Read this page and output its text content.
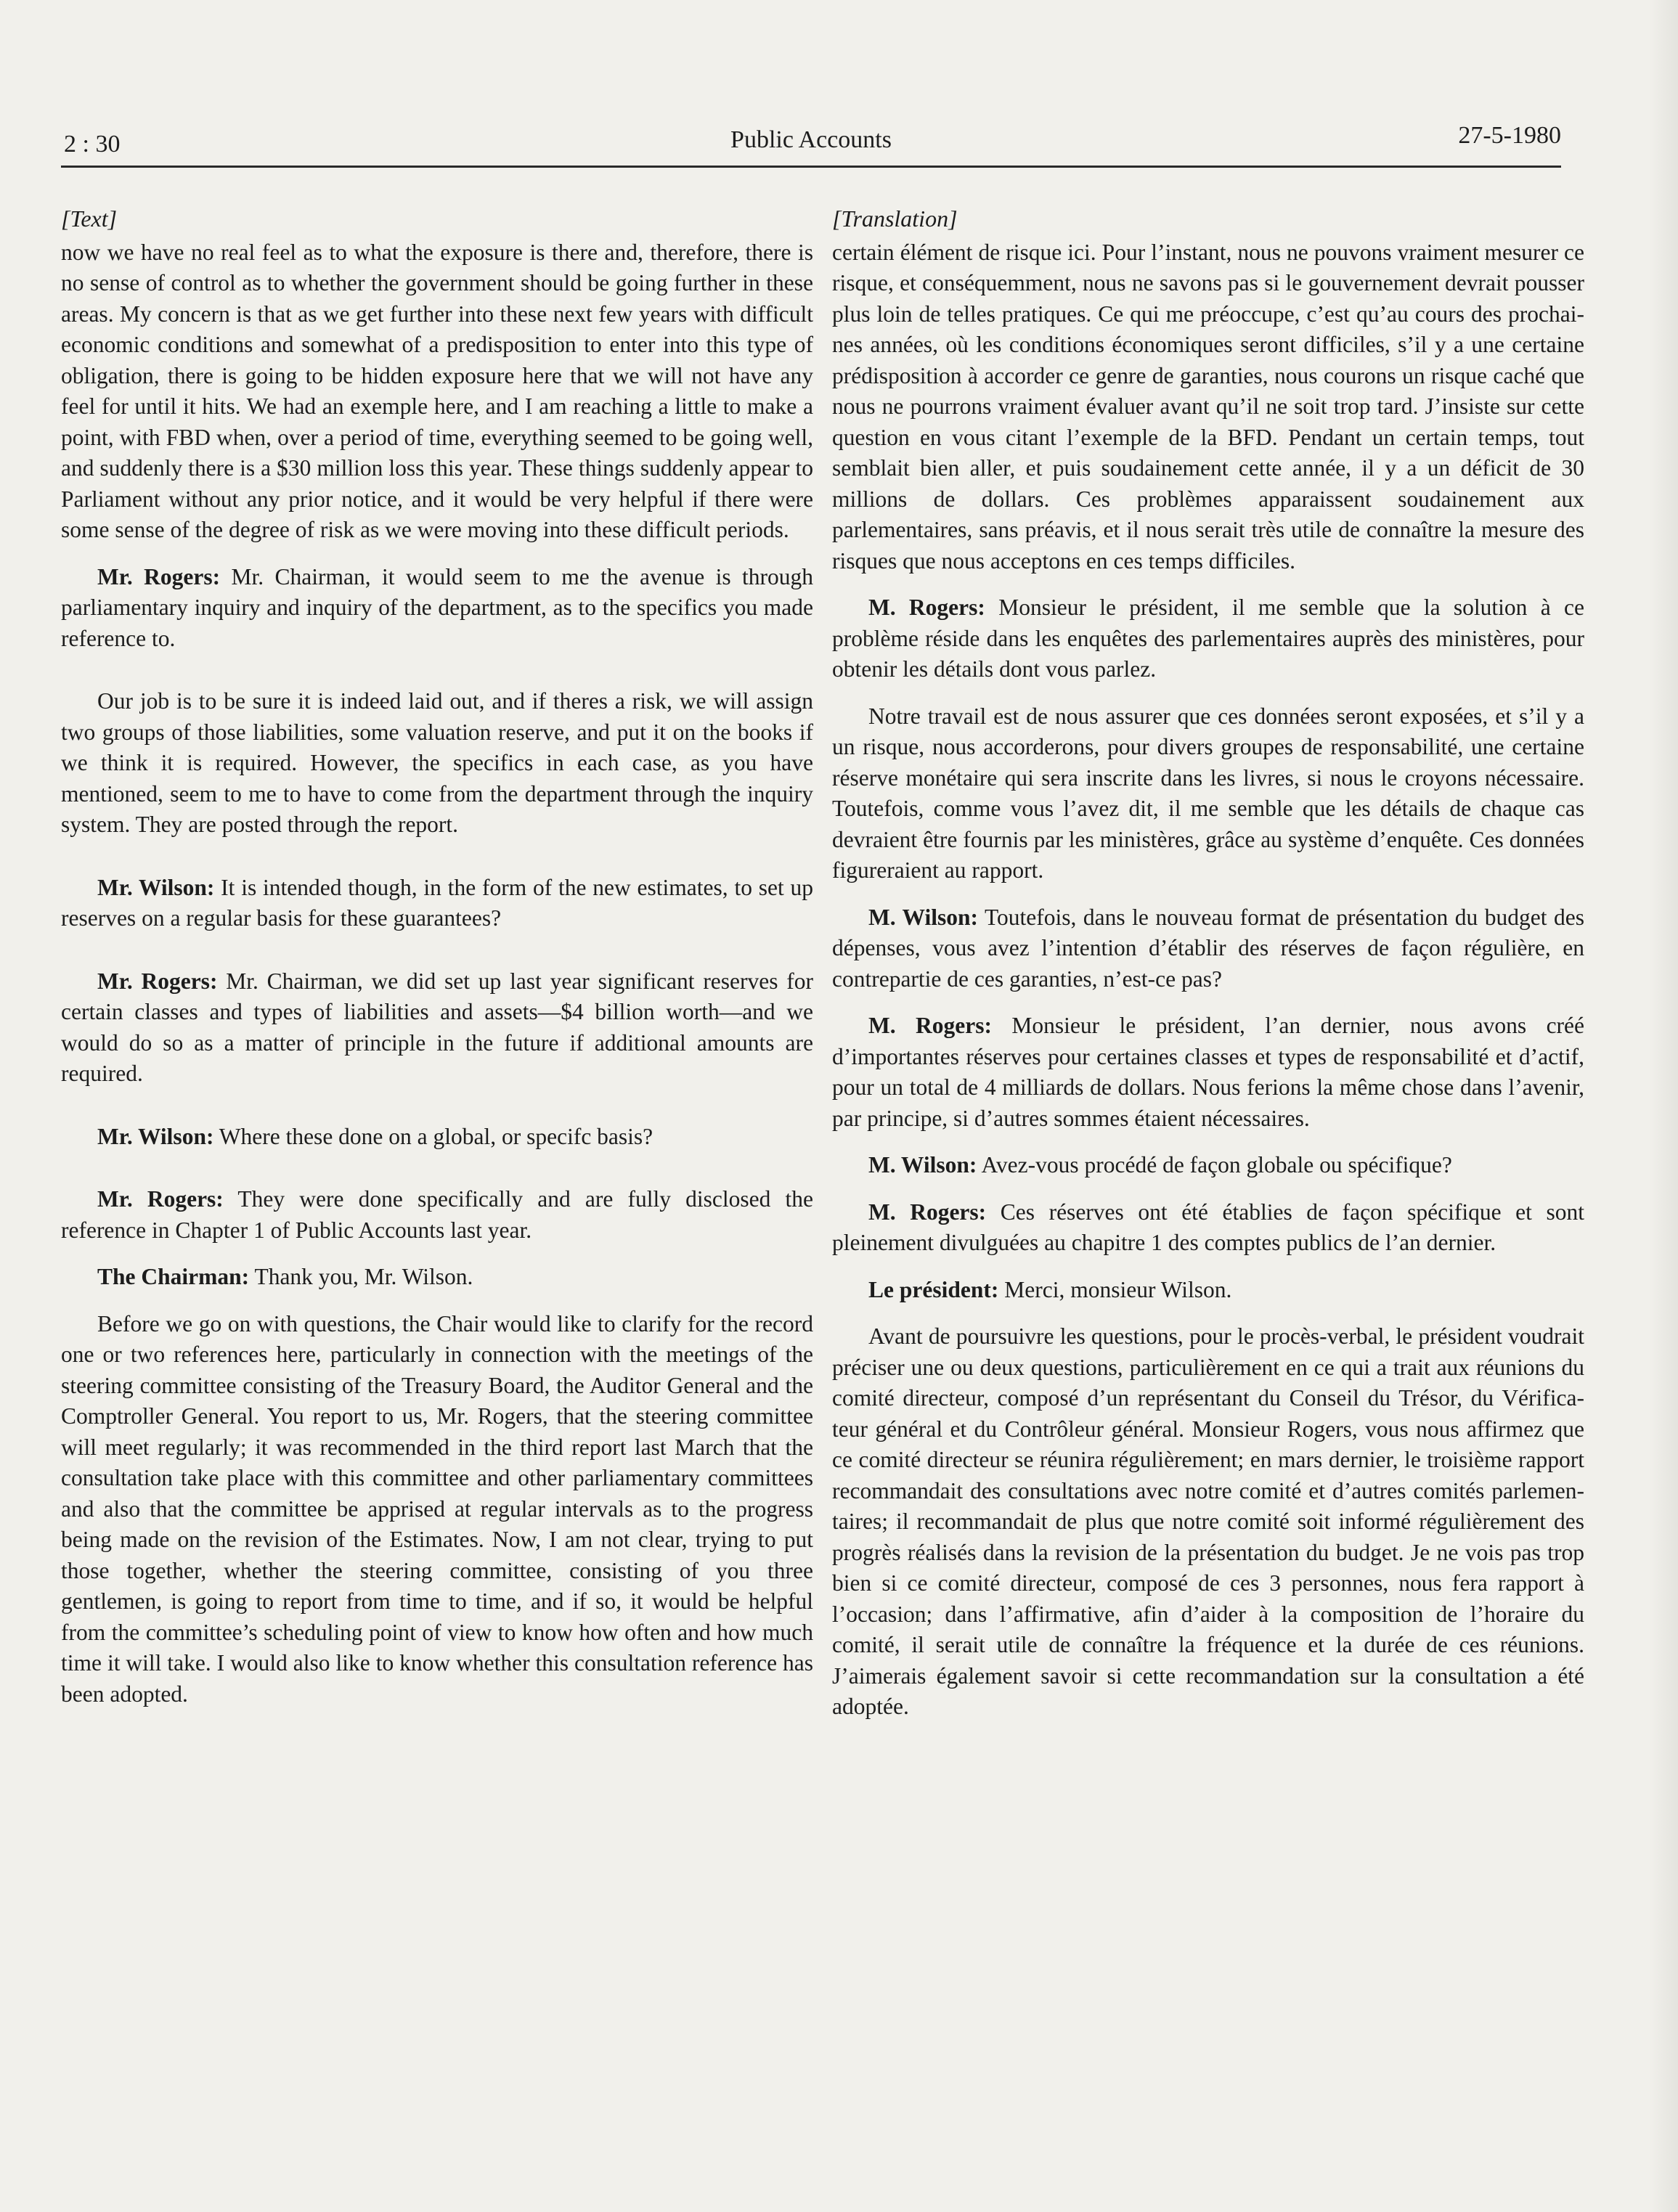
2 : 30	Public Accounts	27-5-1980
[Text]

now we have no real feel as to what the exposure is there and, therefore, there is no sense of control as to whether the government should be going further in these areas. My concern is that as we get further into these next few years with difficult economic conditions and somewhat of a predisposition to enter into this type of obligation, there is going to be hidden exposure here that we will not have any feel for until it hits. We had an exemple here, and I am reaching a little to make a point, with FBD when, over a period of time, everything seemed to be going well, and suddenly there is a $30 million loss this year. These things suddenly appear to Parliament without any prior notice, and it would be very helpful if there were some sense of the degree of risk as we were moving into these difficult periods.

Mr. Rogers: Mr. Chairman, it would seem to me the avenue is through parliamentary inquiry and inquiry of the department, as to the specifics you made reference to.

Our job is to be sure it is indeed laid out, and if theres a risk, we will assign two groups of those liabilities, some valuation reserve, and put it on the books if we think it is required. However, the specifics in each case, as you have mentioned, seem to me to have to come from the department through the inquiry system. They are posted through the report.

Mr. Wilson: It is intended though, in the form of the new estimates, to set up reserves on a regular basis for these guarantees?

Mr. Rogers: Mr. Chairman, we did set up last year significant reserves for certain classes and types of liabilities and assets—$4 billion worth—and we would do so as a matter of principle in the future if additional amounts are required.

Mr. Wilson: Where these done on a global, or specifc basis?

Mr. Rogers: They were done specifically and are fully disclosed the reference in Chapter 1 of Public Accounts last year.

The Chairman: Thank you, Mr. Wilson.

Before we go on with questions, the Chair would like to clarify for the record one or two references here, particularly in connection with the meetings of the steering committee consisting of the Treasury Board, the Auditor General and the Comptroller General. You report to us, Mr. Rogers, that the steering committee will meet regularly; it was recommended in the third report last March that the consultation take place with this committee and other parliamentary committees and also that the committee be apprised at regular intervals as to the progress being made on the revision of the Estimates. Now, I am not clear, trying to put those together, whether the steering committee, consisting of you three gentlemen, is going to report from time to time, and if so, it would be helpful from the committee’s scheduling point of view to know how often and how much time it will take. I would also like to know whether this consultation reference has been adopted.

[Translation]

certain élément de risque ici. Pour l’instant, nous ne pouvons vraiment mesurer ce risque, et conséquemment, nous ne savons pas si le gouvernement devrait pousser plus loin de telles pratiques. Ce qui me préoccupe, c’est qu’au cours des prochaines années, où les conditions économiques seront difficiles, s’il y a une certaine prédisposition à accorder ce genre de garanties, nous courons un risque caché que nous ne pourrons vraiment évaluer avant qu’il ne soit trop tard. J’insiste sur cette question en vous citant l’exemple de la BFD. Pendant un certain temps, tout semblait bien aller, et puis soudainement cette année, il y a un déficit de 30 millions de dollars. Ces problèmes apparaissent soudainement aux parlementaires, sans préavis, et il nous serait très utile de connaître la mesure des risques que nous acceptons en ces temps difficiles.

M. Rogers: Monsieur le président, il me semble que la solution à ce problème réside dans les enquêtes des parlementaires auprès des ministères, pour obtenir les détails dont vous parlez.

Notre travail est de nous assurer que ces données seront exposées, et s’il y a un risque, nous accorderons, pour divers groupes de responsabilité, une certaine réserve monétaire qui sera inscrite dans les livres, si nous le croyons nécessaire. Toutefois, comme vous l’avez dit, il me semble que les détails de chaque cas devraient être fournis par les ministères, grâce au système d’enquête. Ces données figureraient au rapport.

M. Wilson: Toutefois, dans le nouveau format de présentation du budget des dépenses, vous avez l’intention d’établir des réserves de façon régulière, en contrepartie de ces garanties, n’est-ce pas?

M. Rogers: Monsieur le président, l’an dernier, nous avons créé d’importantes réserves pour certaines classes et types de responsabilité et d’actif, pour un total de 4 milliards de dollars. Nous ferions la même chose dans l’avenir, par principe, si d’autres sommes étaient nécessaires.

M. Wilson: Avez-vous procédé de façon globale ou spécifique?

M. Rogers: Ces réserves ont été établies de façon spécifique et sont pleinement divulguées au chapitre 1 des comptes publics de l’an dernier.

Le président: Merci, monsieur Wilson.

Avant de poursuivre les questions, pour le procès-verbal, le président voudrait préciser une ou deux questions, particulièrement en ce qui a trait aux réunions du comité directeur, composé d’un représentant du Conseil du Trésor, du Vérificateur général et du Contrôleur général. Monsieur Rogers, vous nous affirmez que ce comité directeur se réunira régulièrement; en mars dernier, le troisième rapport recommandait des consultations avec notre comité et d’autres comités parlementaires; il recommandait de plus que notre comité soit informé régulièrement des progrès réalisés dans la revision de la présentation du budget. Je ne vois pas trop bien si ce comité directeur, composé de ces 3 personnes, nous fera rapport à l’occasion; dans l’affirmative, afin d’aider à la composition de l’horaire du comité, il serait utile de connaître la fréquence et la durée de ces réunions. J’aimerais également savoir si cette recommandation sur la consultation a été adoptée.
